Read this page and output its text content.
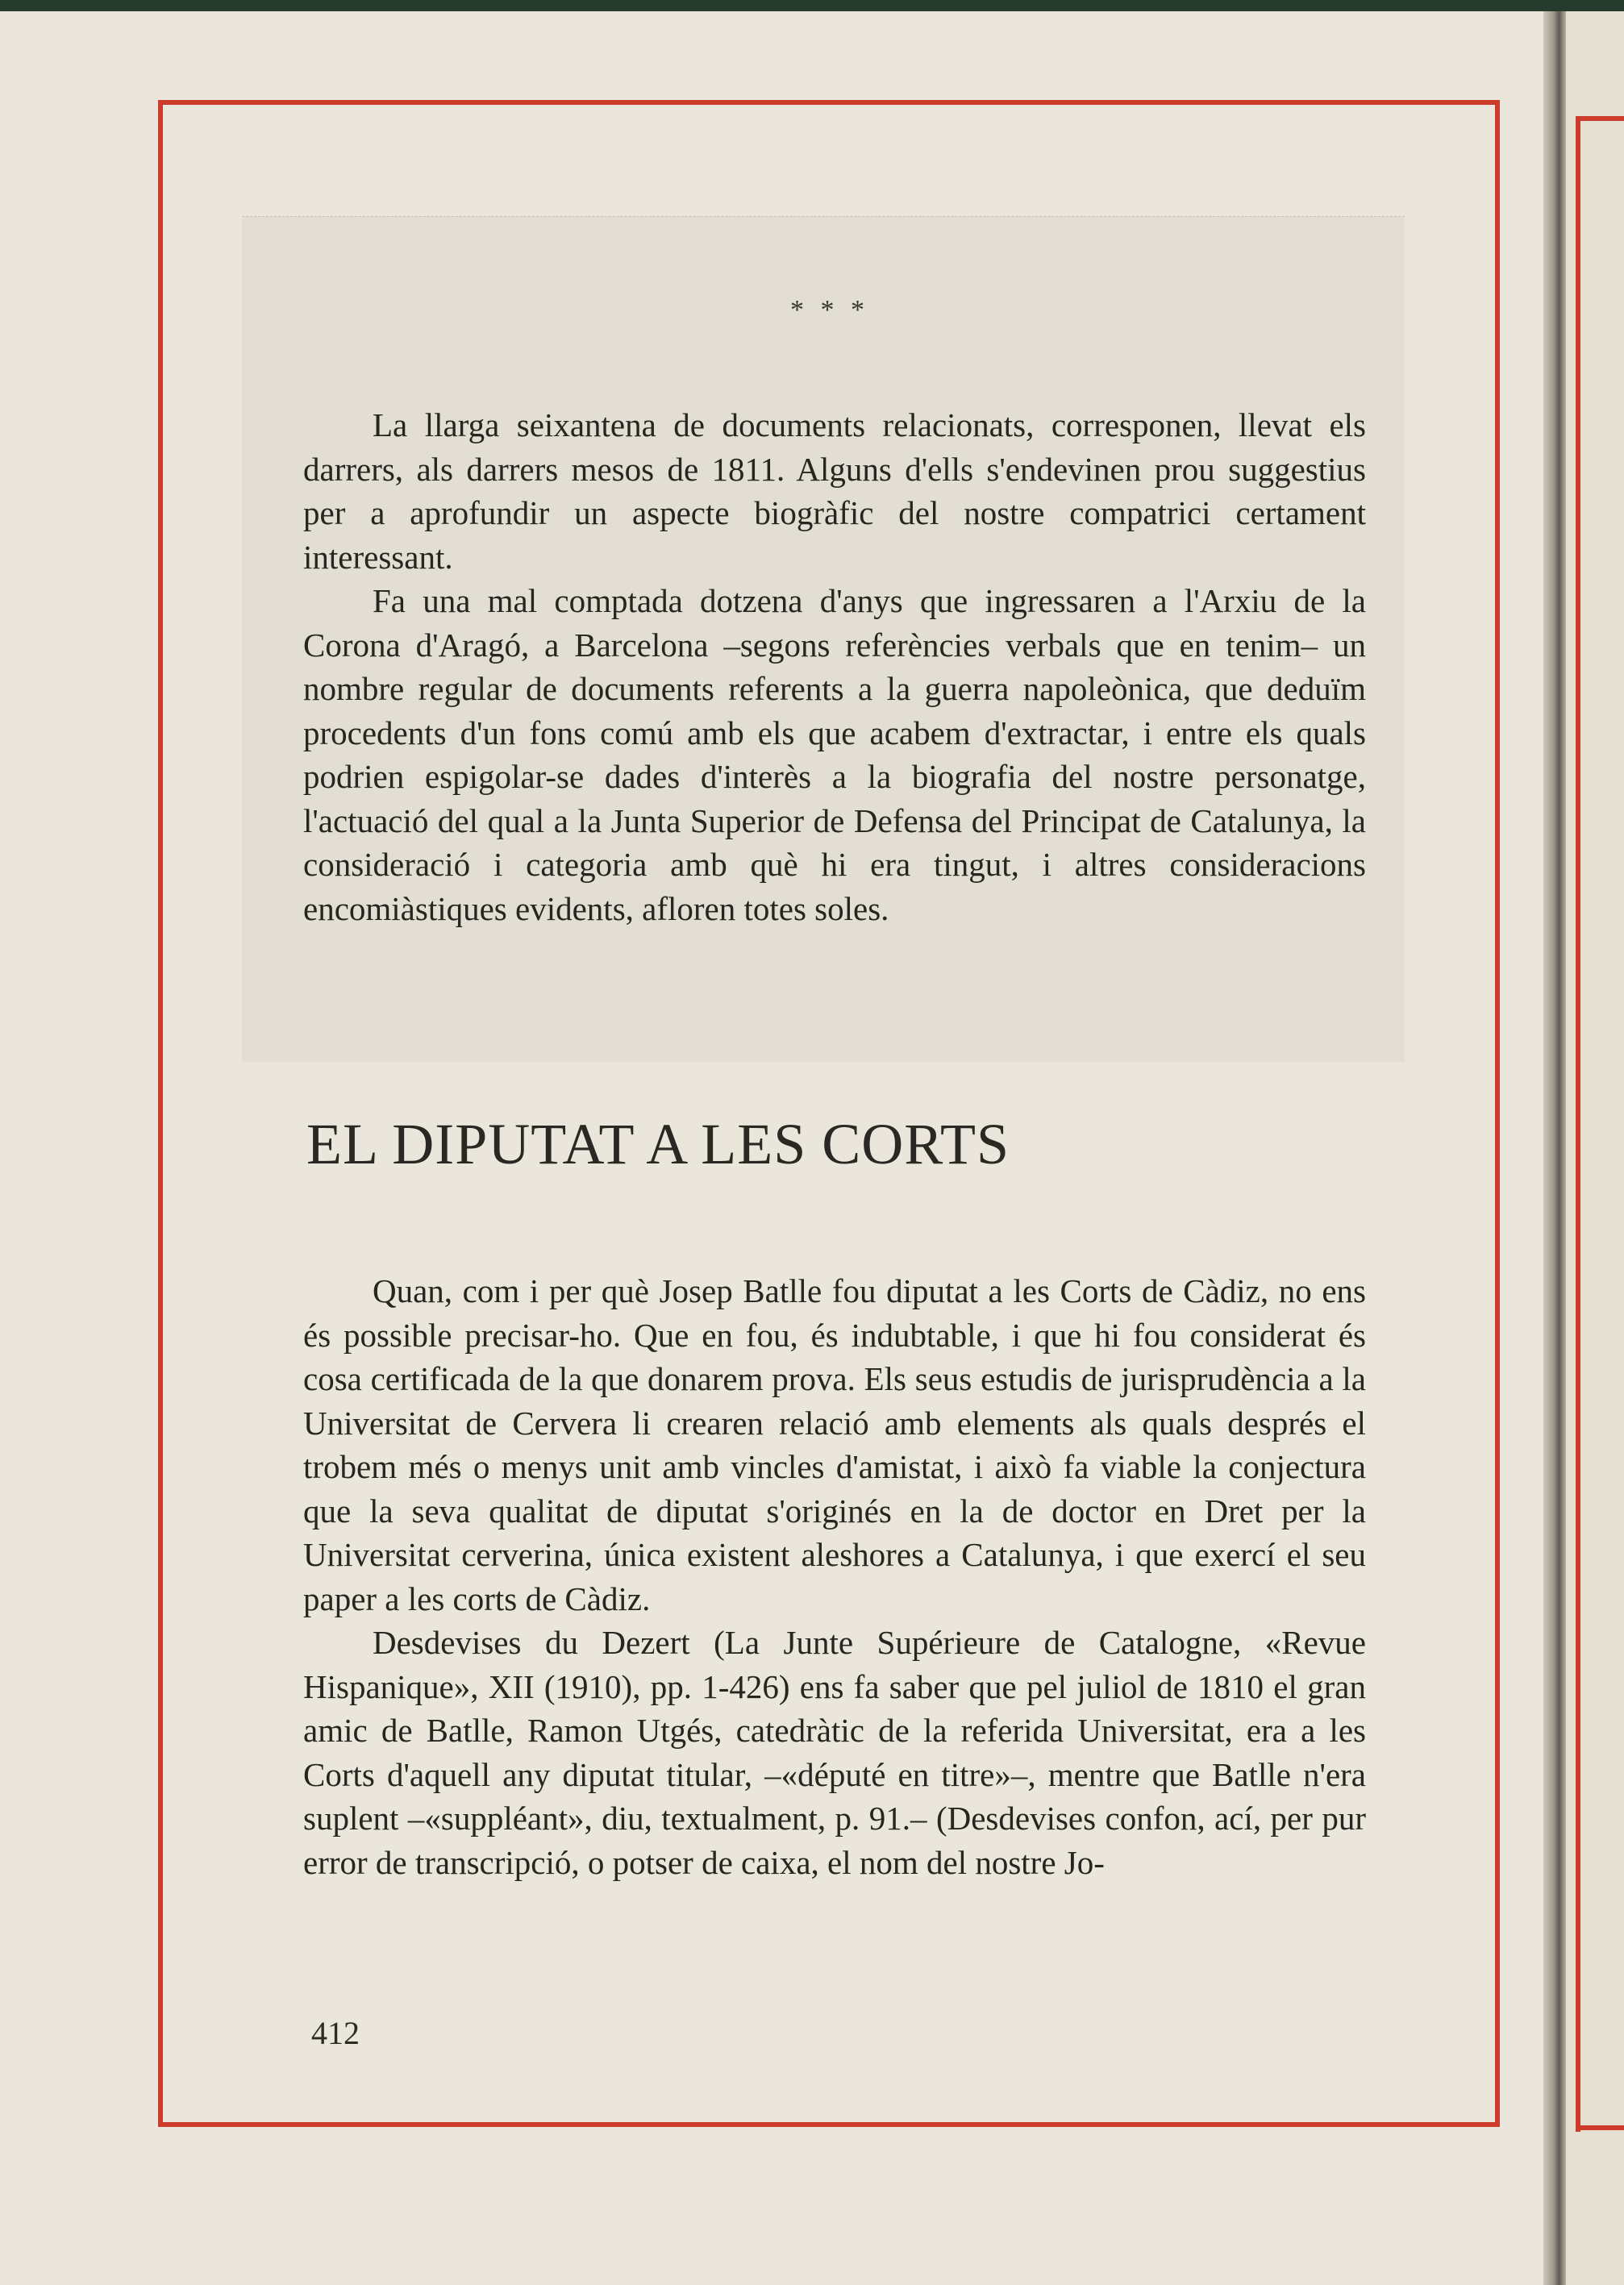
* * *

La llarga seixantena de documents relacionats, corresponen, llevat els darrers, als darrers mesos de 1811. Alguns d'ells s'endevinen prou suggestius per a aprofundir un aspecte biogràfic del nostre compatrici certament interessant.

Fa una mal comptada dotzena d'anys que ingressaren a l'Arxiu de la Corona d'Aragó, a Barcelona –segons referències verbals que en tenim– un nombre regular de documents referents a la guerra napoleònica, que deduïm procedents d'un fons comú amb els que acabem d'extractar, i entre els quals podrien espigolar-se dades d'interès a la biografia del nostre personatge, l'actuació del qual a la Junta Superior de Defensa del Principat de Catalunya, la consideració i categoria amb què hi era tingut, i altres consideracions encomiàstiques evidents, afloren totes soles.

EL DIPUTAT A LES CORTS

Quan, com i per què Josep Batlle fou diputat a les Corts de Càdiz, no ens és possible precisar-ho. Que en fou, és indubtable, i que hi fou considerat és cosa certificada de la que donarem prova. Els seus estudis de jurisprudència a la Universitat de Cervera li crearen relació amb elements als quals després el trobem més o menys unit amb vincles d'amistat, i això fa viable la conjectura que la seva qualitat de diputat s'originés en la de doctor en Dret per la Universitat cerverina, única existent aleshores a Catalunya, i que exercí el seu paper a les corts de Càdiz.

Desdevises du Dezert (La Junte Supérieure de Catalogne, «Revue Hispanique», XII (1910), pp. 1-426) ens fa saber que pel juliol de 1810 el gran amic de Batlle, Ramon Utgés, catedràtic de la referida Universitat, era a les Corts d'aquell any diputat titular, –«député en titre»–, mentre que Batlle n'era suplent –«suppléant», diu, textualment, p. 91.– (Desdevises confon, ací, per pur error de transcripció, o potser de caixa, el nom del nostre Jo-

412
